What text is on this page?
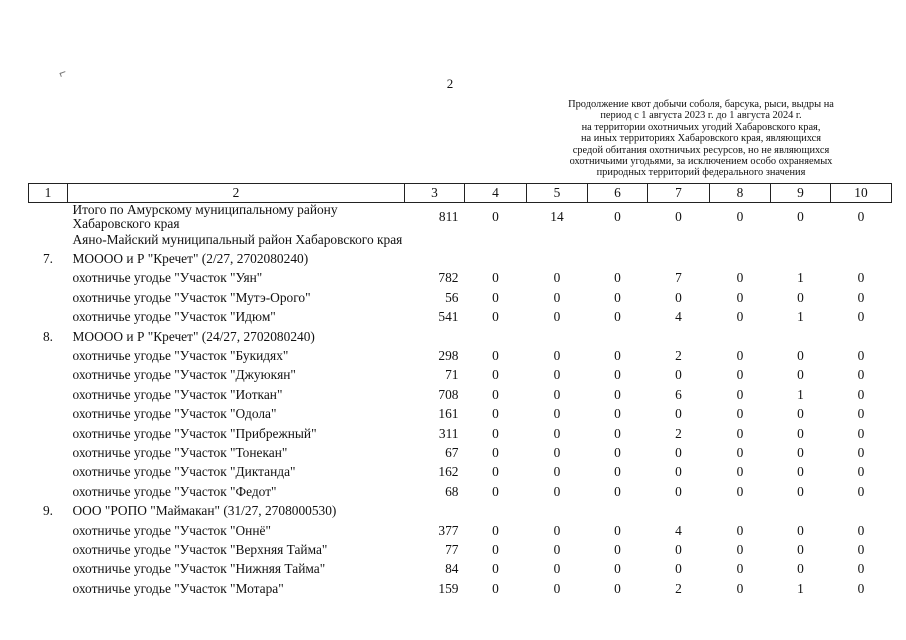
2
Продолжение квот добычи соболя, барсука, рыси, выдры на
период с 1 августа 2023 г. до 1 августа 2024 г.
на территории охотничьих угодий Хабаровского края,
на иных территориях Хабаровского края, являющихся
средой обитания охотничьих ресурсов, но не являющихся
охотничьими угодьями, за исключением особо охраняемых
природных территорий федерального значения
1	2	3	4	5	6	7	8	9	10
	Итого по Амурскому муниципальному району Хабаровского края	811	0	14	0	0	0	0	0
	Аяно-Майский муниципальный район Хабаровского края								
7.	МОООО и Р "Кречет" (2/27, 2702080240)								
	охотничье угодье "Участок "Уян"	782	0	0	0	7	0	1	0
	охотничье угодье "Участок "Мутэ-Орого"	56	0	0	0	0	0	0	0
	охотничье угодье "Участок "Идюм"	541	0	0	0	4	0	1	0
8.	МОООО и Р "Кречет" (24/27, 2702080240)								
	охотничье угодье "Участок "Букидях"	298	0	0	0	2	0	0	0
	охотничье угодье "Участок "Джуюкян"	71	0	0	0	0	0	0	0
	охотничье угодье "Участок "Иоткан"	708	0	0	0	6	0	1	0
	охотничье угодье "Участок "Одола"	161	0	0	0	0	0	0	0
	охотничье угодье "Участок "Прибрежный"	311	0	0	0	2	0	0	0
	охотничье угодье "Участок "Тонекан"	67	0	0	0	0	0	0	0
	охотничье угодье "Участок "Диктанда"	162	0	0	0	0	0	0	0
	охотничье угодье "Участок "Федот"	68	0	0	0	0	0	0	0
9.	ООО "РОПО "Маймакан" (31/27, 2708000530)								
	охотничье угодье "Участок "Оннё"	377	0	0	0	4	0	0	0
	охотничье угодье "Участок "Верхняя Тайма"	77	0	0	0	0	0	0	0
	охотничье угодье "Участок "Нижняя Тайма"	84	0	0	0	0	0	0	0
	охотничье угодье "Участок "Мотара"	159	0	0	0	2	0	1	0
